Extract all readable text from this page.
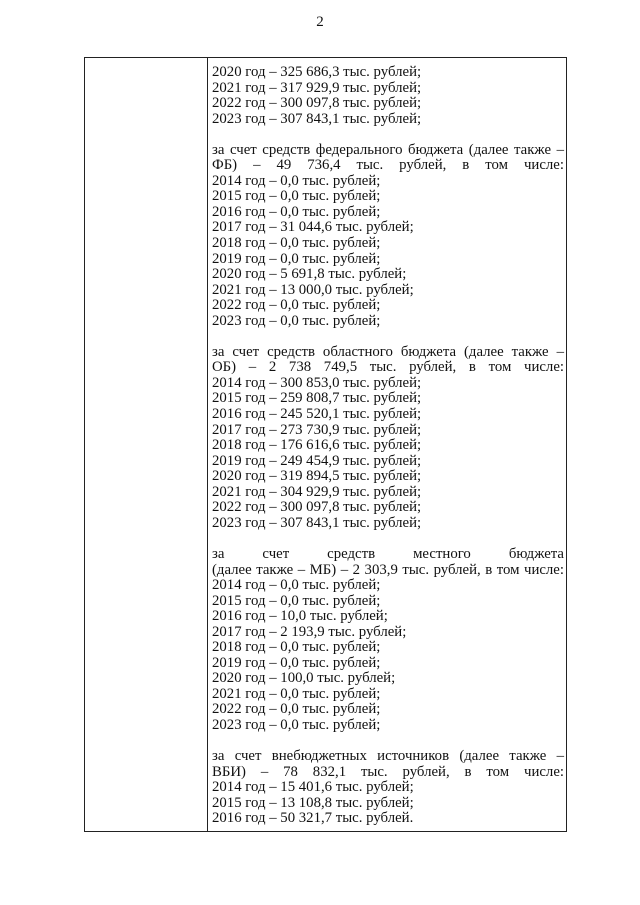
2
2020 год – 325 686,3 тыс. рублей;
2021 год – 317 929,9 тыс. рублей;
2022 год – 300 097,8 тыс. рублей;
2023 год – 307 843,1 тыс. рублей;
за счет средств федерального бюджета (далее также –
ФБ) – 49 736,4 тыс. рублей, в том числе:
2014 год – 0,0 тыс. рублей;
2015 год – 0,0 тыс. рублей;
2016 год – 0,0 тыс. рублей;
2017 год – 31 044,6 тыс. рублей;
2018 год – 0,0 тыс. рублей;
2019 год – 0,0 тыс. рублей;
2020 год – 5 691,8 тыс. рублей;
2021 год – 13 000,0 тыс. рублей;
2022 год – 0,0 тыс. рублей;
2023 год – 0,0 тыс. рублей;
за счет средств областного бюджета (далее также –
ОБ) – 2 738 749,5 тыс. рублей, в том числе:
2014 год – 300 853,0 тыс. рублей;
2015 год – 259 808,7 тыс. рублей;
2016 год – 245 520,1 тыс. рублей;
2017 год – 273 730,9 тыс. рублей;
2018 год – 176 616,6 тыс. рублей;
2019 год – 249 454,9 тыс. рублей;
2020 год – 319 894,5 тыс. рублей;
2021 год – 304 929,9 тыс. рублей;
2022 год – 300 097,8 тыс. рублей;
2023 год – 307 843,1 тыс. рублей;
за счет средств местного бюджета
(далее также – МБ) – 2 303,9 тыс. рублей, в том числе:
2014 год – 0,0 тыс. рублей;
2015 год – 0,0 тыс. рублей;
2016 год – 10,0 тыс. рублей;
2017 год – 2 193,9 тыс. рублей;
2018 год – 0,0 тыс. рублей;
2019 год – 0,0 тыс. рублей;
2020 год – 100,0 тыс. рублей;
2021 год – 0,0 тыс. рублей;
2022 год – 0,0 тыс. рублей;
2023 год – 0,0 тыс. рублей;
за счет внебюджетных источников (далее также –
ВБИ) – 78 832,1 тыс. рублей, в том числе:
2014 год – 15 401,6 тыс. рублей;
2015 год – 13 108,8 тыс. рублей;
2016 год – 50 321,7 тыс. рублей.
